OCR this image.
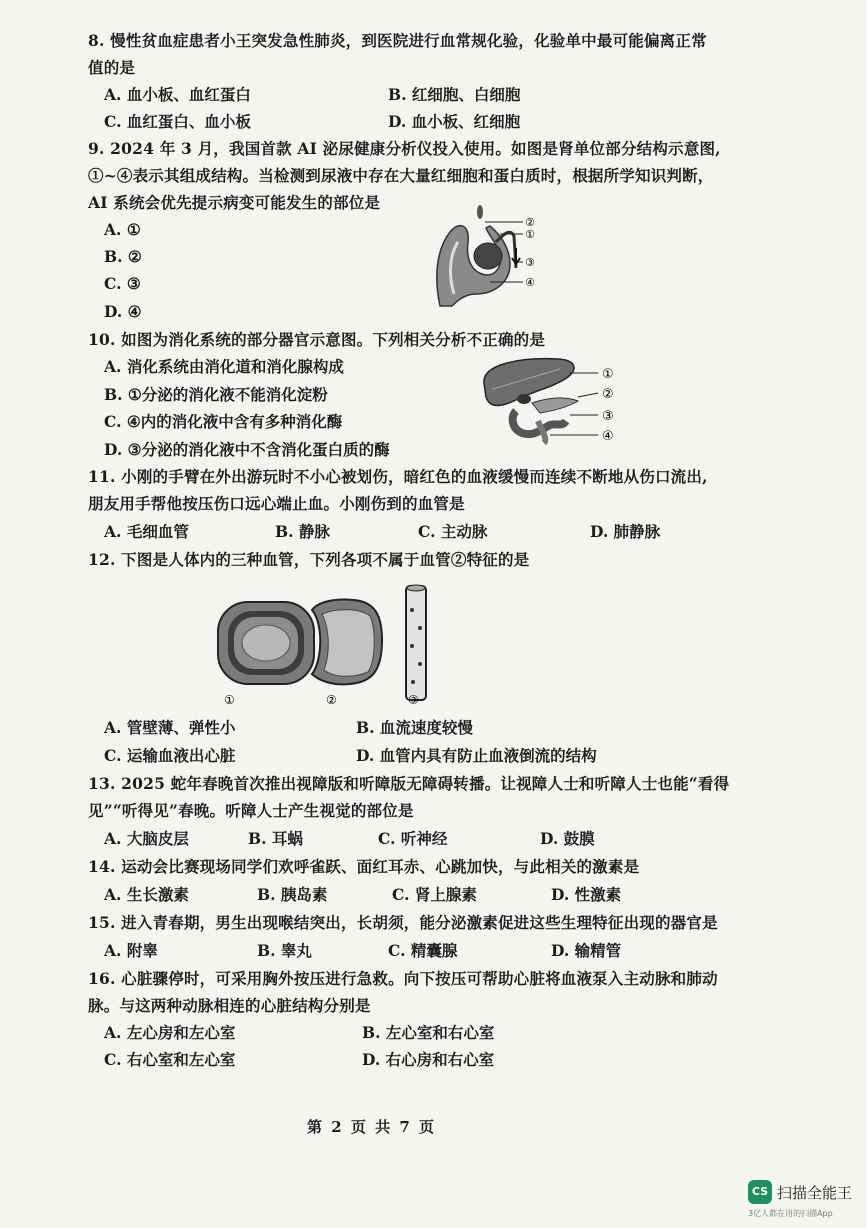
8. 慢性贫血症患者小王突发急性肺炎，到医院进行血常规化验，化验单中最可能偏离正常
值的是
A. 血小板、血红蛋白	B. 红细胞、白细胞
C. 血红蛋白、血小板	D. 血小板、红细胞
9. 2024 年 3 月，我国首款 AI 泌尿健康分析仪投入使用。如图是肾单位部分结构示意图,
①~④表示其组成结构。当检测到尿液中存在大量红细胞和蛋白质时，根据所学知识判断，
AI 系统会优先提示病变可能发生的部位是
A. ①
B. ②
C. ③
D. ④
②
①
③
④
10. 如图为消化系统的部分器官示意图。下列相关分析不正确的是
A. 消化系统由消化道和消化腺构成
B. ①分泌的消化液不能消化淀粉
C. ④内的消化液中含有多种消化酶
D. ③分泌的消化液中不含消化蛋白质的酶
①
②
③
④
11. 小刚的手臂在外出游玩时不小心被划伤，暗红色的血液缓慢而连续不断地从伤口流出,
朋友用手帮他按压伤口远心端止血。小刚伤到的血管是
A. 毛细血管	B. 静脉	C. 主动脉	D. 肺静脉
12. 下图是人体内的三种血管，下列各项不属于血管②特征的是
①	②	③
A. 管壁薄、弹性小	B. 血流速度较慢
C. 运输血液出心脏	D. 血管内具有防止血液倒流的结构
13. 2025 蛇年春晚首次推出视障版和听障版无障碍转播。让视障人士和听障人士也能“看得
见”“听得见”春晚。听障人士产生视觉的部位是
A. 大脑皮层	B. 耳蜗	C. 听神经	D. 鼓膜
14. 运动会比赛现场同学们欢呼雀跃、面红耳赤、心跳加快，与此相关的激素是
A. 生长激素	B. 胰岛素	C. 肾上腺素	D. 性激素
15. 进入青春期，男生出现喉结突出，长胡须，能分泌激素促进这些生理特征出现的器官是
A. 附睾	B. 睾丸	C. 精囊腺	D. 输精管
16. 心脏骤停时，可采用胸外按压进行急救。向下按压可帮助心脏将血液泵入主动脉和肺动
脉。与这两种动脉相连的心脏结构分别是
A. 左心房和左心室	B. 左心室和右心室
C. 右心室和左心室	D. 右心房和右心室
第 2 页 共 7 页
CS 扫描全能王
3亿人都在用的扫描App
